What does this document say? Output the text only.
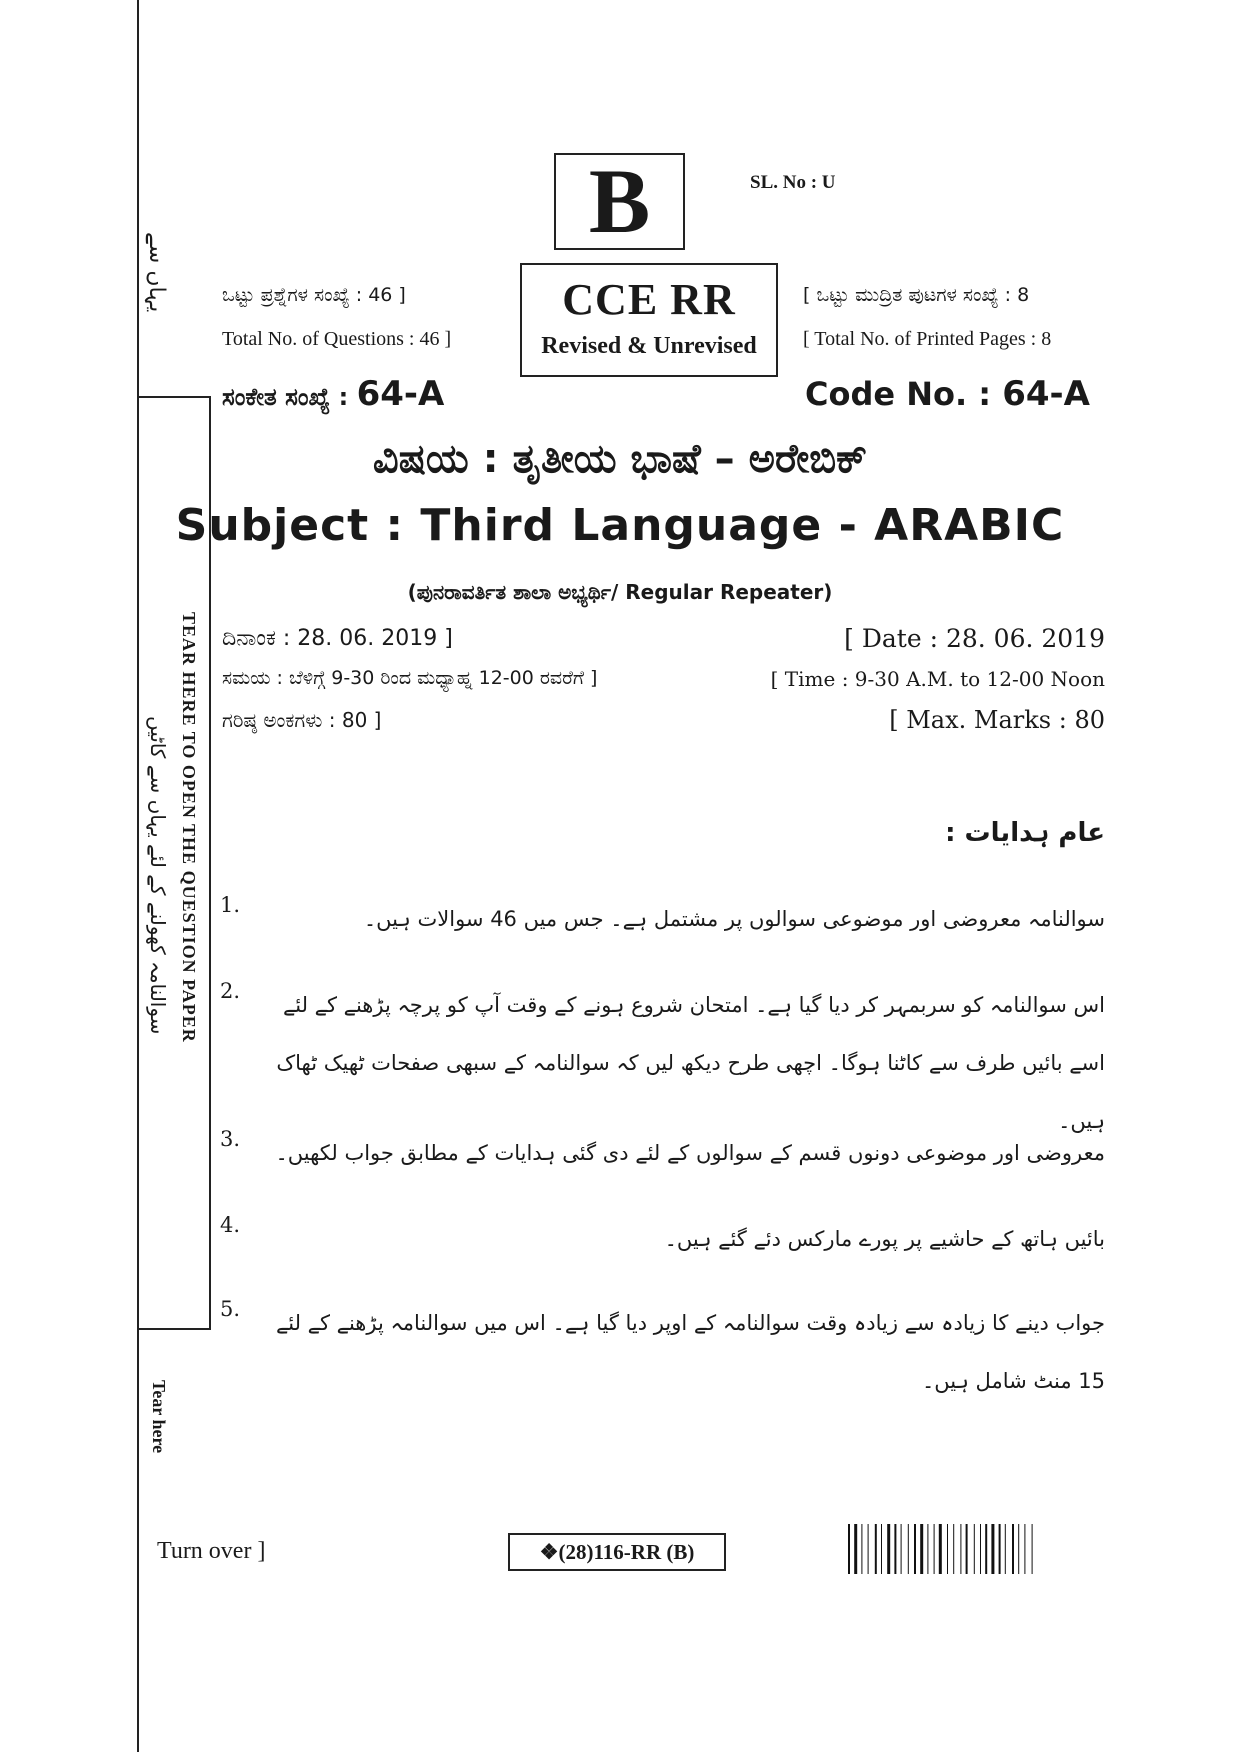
یہاں سے
TEAR HERE TO OPEN THE QUESTION PAPER
سوالنامہ کھولنے کے لئے یہاں سے کاٹیں
Tear here
B	SL. No : U
CCE RR
Revised & Unrevised
ಒಟ್ಟು ಪ್ರಶ್ನೆಗಳ ಸಂಖ್ಯೆ : 46 ]
Total No. of Questions : 46 ]
[ ಒಟ್ಟು ಮುದ್ರಿತ ಪುಟಗಳ ಸಂಖ್ಯೆ : 8
[ Total No. of Printed Pages : 8
ಸಂಕೇತ ಸಂಖ್ಯೆ : 64-A	Code No. : 64-A
ವಿಷಯ : ತೃತೀಯ ಭಾಷೆ – ಅರೇಬಿಕ್
Subject : Third Language - ARABIC
(ಪುನರಾವರ್ತಿತ ಶಾಲಾ ಅಭ್ಯರ್ಥಿ/ Regular Repeater)
ದಿನಾಂಕ : 28. 06. 2019 ]	[ Date : 28. 06. 2019
ಸಮಯ : ಬೆಳಿಗ್ಗೆ 9-30 ರಿಂದ ಮಧ್ಯಾಹ್ನ 12-00 ರವರೆಗೆ ]	[ Time : 9-30 A.M. to 12-00 Noon
ಗರಿಷ್ಠ ಅಂಕಗಳು : 80 ]	[ Max. Marks : 80
عام ہدایات :
سوالنامہ معروضی اور موضوعی سوالوں پر مشتمل ہے۔ جس میں 46 سوالات ہیں۔
1.
اس سوالنامہ کو سربمہر کر دیا گیا ہے۔ امتحان شروع ہونے کے وقت آپ کو پرچہ پڑھنے کے لئے اسے بائیں طرف سے کاٹنا ہوگا۔ اچھی طرح دیکھ لیں کہ سوالنامہ کے سبھی صفحات ٹھیک ٹھاک ہیں۔
2.
معروضی اور موضوعی دونوں قسم کے سوالوں کے لئے دی گئی ہدایات کے مطابق جواب لکھیں۔
3.
بائیں ہاتھ کے حاشیے پر پورے مارکس دئے گئے ہیں۔
4.
جواب دینے کا زیادہ سے زیادہ وقت سوالنامہ کے اوپر دیا گیا ہے۔ اس میں سوالنامہ پڑھنے کے لئے 15 منٹ شامل ہیں۔
5.
Turn over ]	❖(28)116-RR (B)
